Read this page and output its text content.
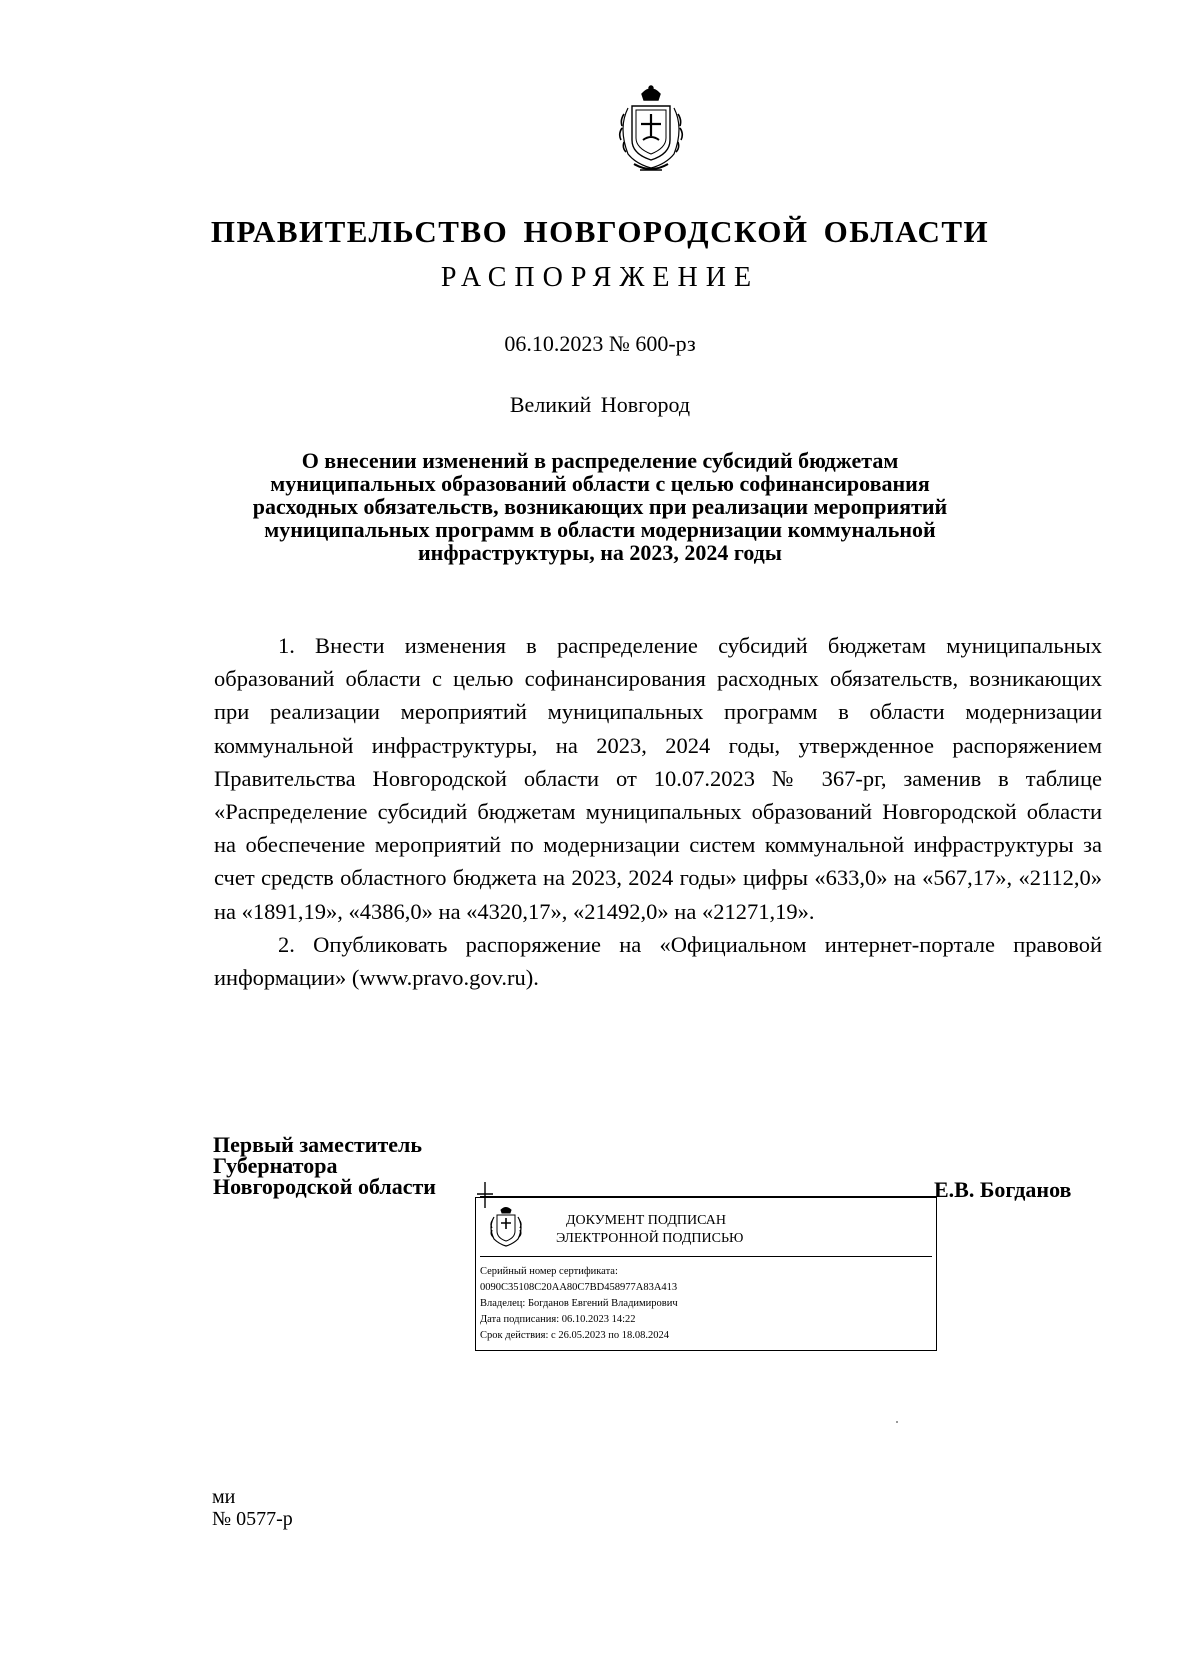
ПРАВИТЕЛЬСТВО НОВГОРОДСКОЙ ОБЛАСТИ
РАСПОРЯЖЕНИЕ
06.10.2023 № 600-рз
Великий Новгород
О внесении изменений в распределение субсидий бюджетам
муниципальных образований области с целью софинансирования
расходных обязательств, возникающих при реализации мероприятий
муниципальных программ в области модернизации коммунальной
инфраструктуры, на 2023, 2024 годы

1. Внести изменения в распределение субсидий бюджетам муниципальных образований области с целью софинансирования расходных обязательств, возникающих при реализации мероприятий муниципальных программ в области модернизации коммунальной инфраструктуры, на 2023, 2024 годы, утвержденное распоряжением Правительства Новгородской области от 10.07.2023 № 367-рг, заменив в таблице «Распределение субсидий бюджетам муниципальных образований Новгородской области на обеспечение мероприятий по модернизации систем коммунальной инфраструктуры за счет средств областного бюджета на 2023, 2024 годы» цифры «633,0» на «567,17», «2112,0» на «1891,19», «4386,0» на «4320,17», «21492,0» на «21271,19».

2. Опубликовать распоряжение на «Официальном интернет-портале правовой информации» (www.pravo.gov.ru).

Первый заместитель
Губернатора
Новгородской области	Е.В. Богданов
ДОКУМЕНТ ПОДПИСАН
ЭЛЕКТРОННОЙ ПОДПИСЬЮ
Серийный номер сертификата:
0090C35108C20AA80C7BD458977A83A413
Владелец: Богданов Евгений Владимирович
Дата подписания: 06.10.2023 14:22
Срок действия: с 26.05.2023 по 18.08.2024
ми
№ 0577-р
